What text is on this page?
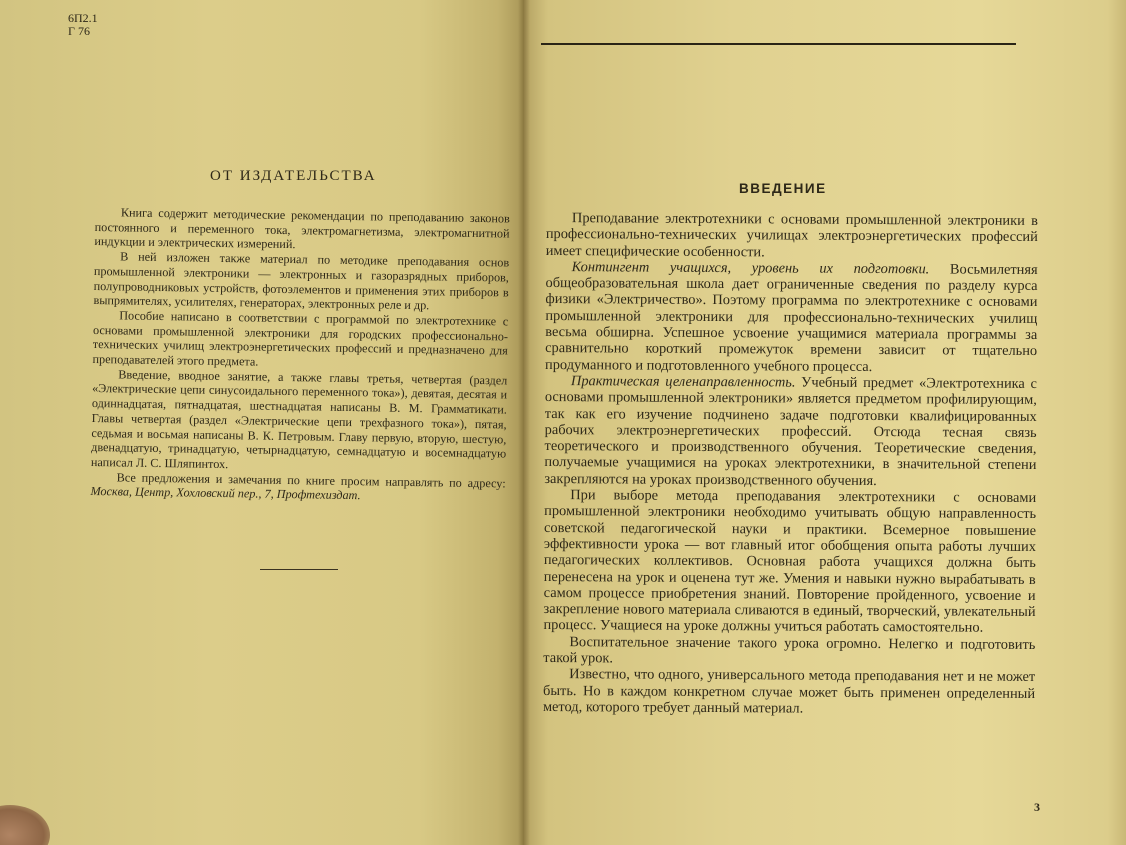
6П2.1
Г 76
ОТ ИЗДАТЕЛЬСТВА

Книга содержит методические рекомендации по преподаванию законов постоянного и переменного тока, электромагнетизма, электромагнитной индукции и электрических измерений.

В ней изложен также материал по методике преподавания основ промышленной электроники — электронных и газоразрядных приборов, полупроводниковых устройств, фотоэлементов и применения этих приборов в выпрямителях, усилителях, генераторах, электронных реле и др.

Пособие написано в соответствии с программой по электротехнике с основами промышленной электроники для городских профессионально-технических училищ электроэнергетических профессий и предназначено для преподавателей этого предмета.

Введение, вводное занятие, а также главы третья, четвертая (раздел «Электрические цепи синусоидального переменного тока»), девятая, десятая и одиннадцатая, пятнадцатая, шестнадцатая написаны В. М. Грамматикати. Главы четвертая (раздел «Электрические цепи трехфазного тока»), пятая, седьмая и восьмая написаны В. К. Петровым. Главу первую, вторую, шестую, двенадцатую, тринадцатую, четырнадцатую, семнадцатую и восемнадцатую написал Л. С. Шляпинтох.

Все предложения и замечания по книге просим направлять по адресу: Москва, Центр, Хохловский пер., 7, Профтехиздат.

ВВЕДЕНИЕ

Преподавание электротехники с основами промышленной электроники в профессионально-технических училищах электроэнергетических профессий имеет специфические особенности.

Контингент учащихся, уровень их подготовки. Восьмилетняя общеобразовательная школа дает ограниченные сведения по разделу курса физики «Электричество». Поэтому программа по электротехнике с основами промышленной электроники для профессионально-технических училищ весьма обширна. Успешное усвоение учащимися материала программы за сравнительно короткий промежуток времени зависит от тщательно продуманного и подготовленного учебного процесса.

Практическая целенаправленность. Учебный предмет «Электротехника с основами промышленной электроники» является предметом профилирующим, так как его изучение подчинено задаче подготовки квалифицированных рабочих электроэнергетических профессий. Отсюда тесная связь теоретического и производственного обучения. Теоретические сведения, получаемые учащимися на уроках электротехники, в значительной степени закрепляются на уроках производственного обучения.

При выборе метода преподавания электротехники с основами промышленной электроники необходимо учитывать общую направленность советской педагогической науки и практики. Всемерное повышение эффективности урока — вот главный итог обобщения опыта работы лучших педагогических коллективов. Основная работа учащихся должна быть перенесена на урок и оценена тут же. Умения и навыки нужно вырабатывать в самом процессе приобретения знаний. Повторение пройденного, усвоение и закрепление нового материала сливаются в единый, творческий, увлекательный процесс. Учащиеся на уроке должны учиться работать самостоятельно.

Воспитательное значение такого урока огромно. Нелегко и подготовить такой урок.

Известно, что одного, универсального метода преподавания нет и не может быть. Но в каждом конкретном случае может быть применен определенный метод, которого требует данный материал.

3
